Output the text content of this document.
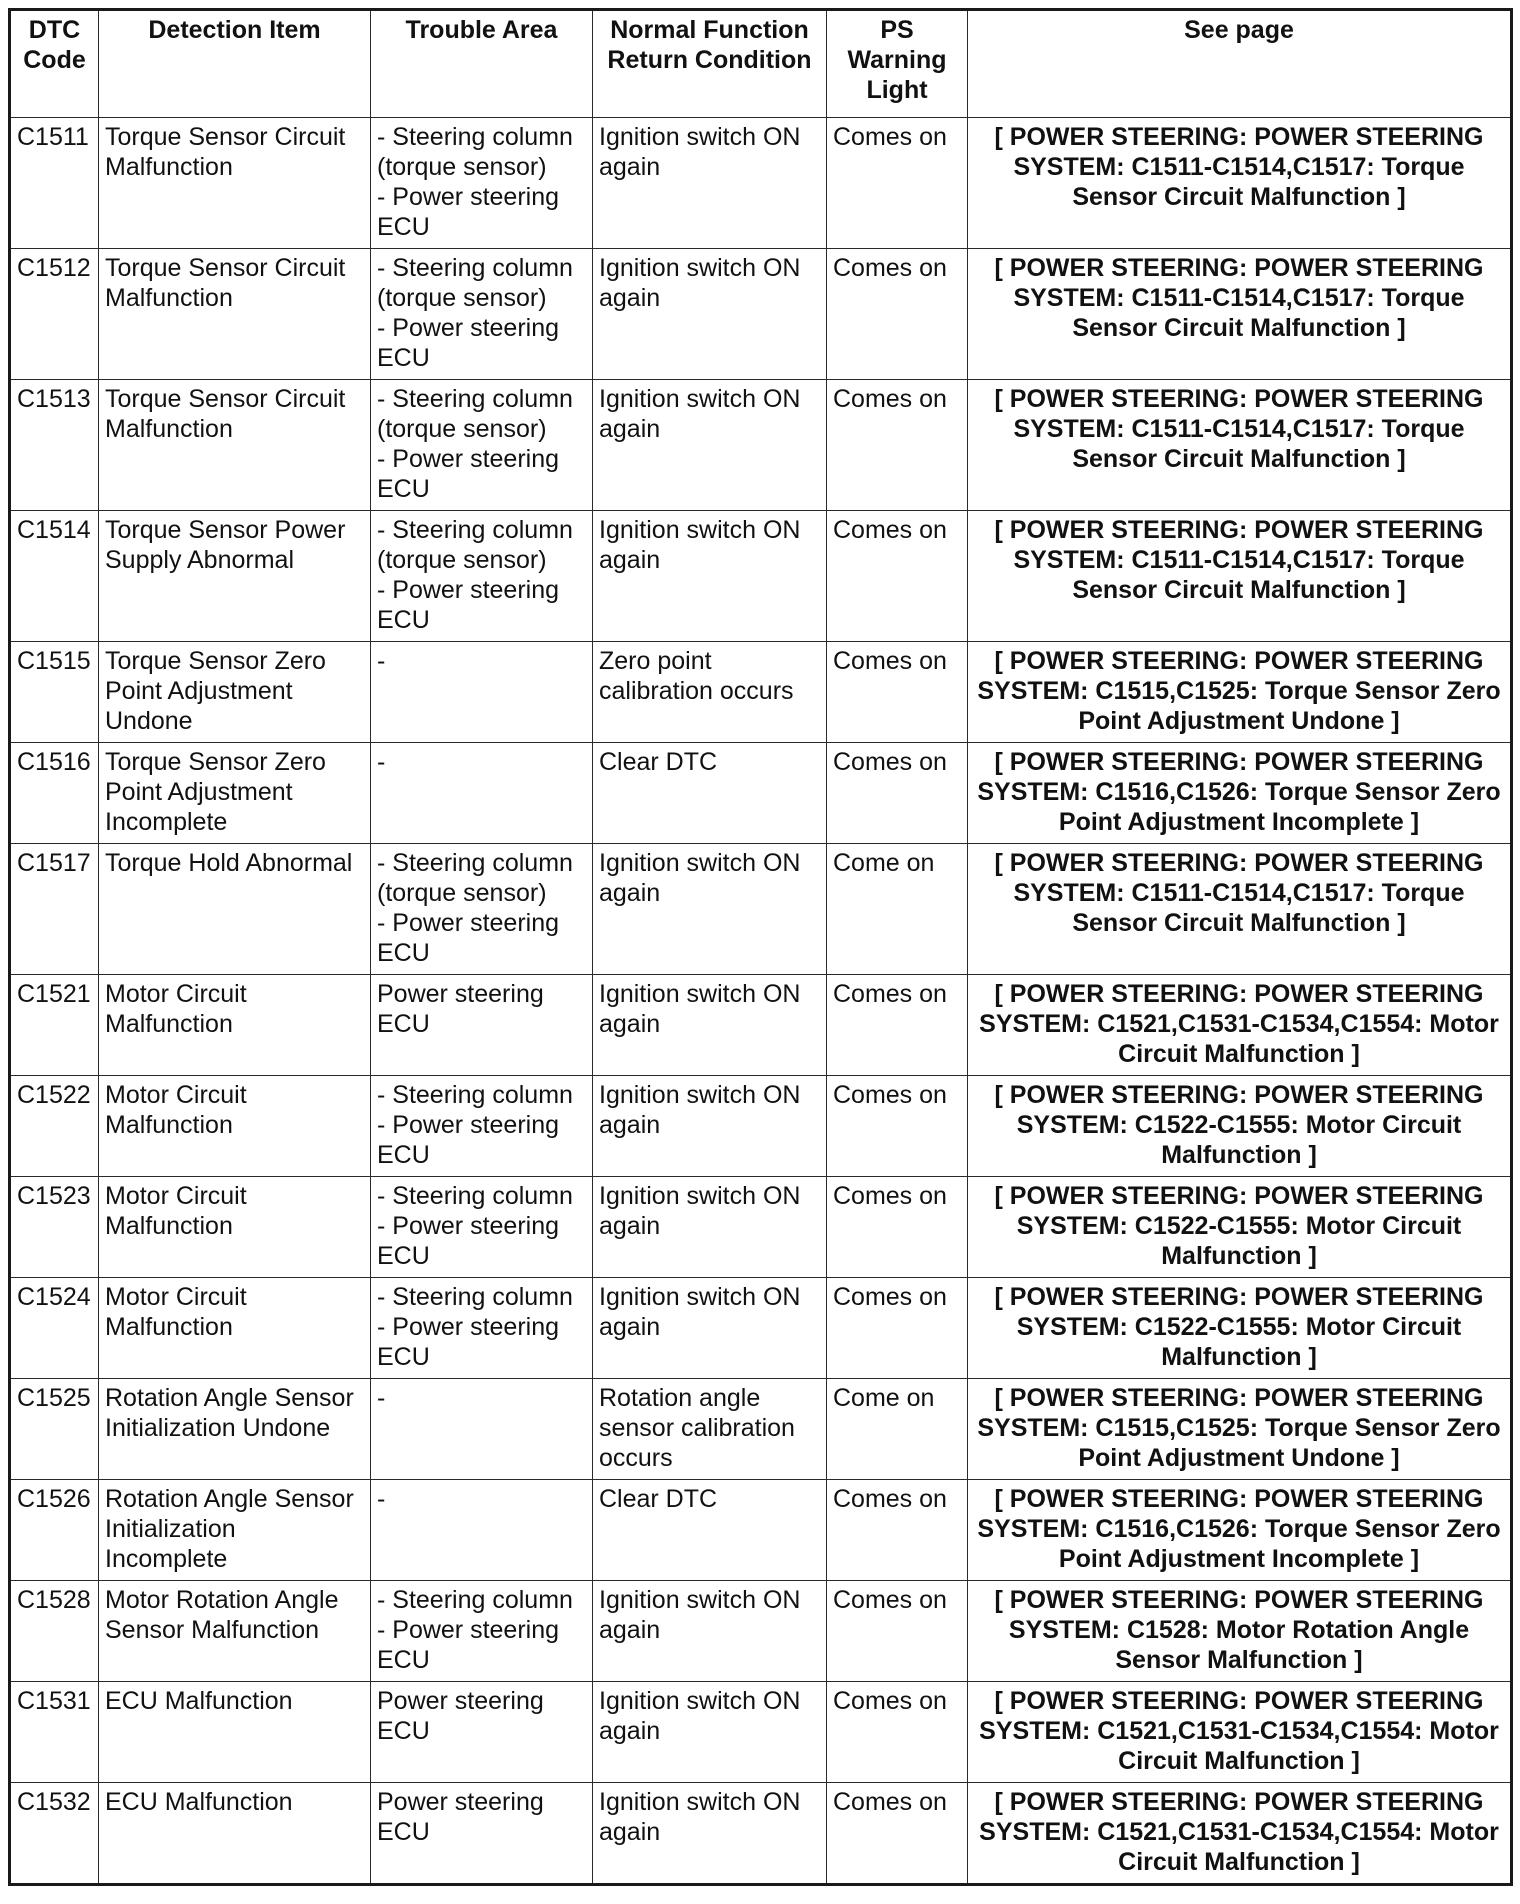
DTC
Code	Detection Item	Trouble Area	Normal Function
Return Condition	PS
Warning
Light	See page
C1511	Torque Sensor Circuit Malfunction	- Steering column
(torque sensor)
- Power steering
ECU	Ignition switch ON
again	Comes on	[ POWER STEERING: POWER STEERING SYSTEM: C1511-C1514,C1517: Torque Sensor Circuit Malfunction ]
C1512	Torque Sensor Circuit Malfunction	- Steering column
(torque sensor)
- Power steering
ECU	Ignition switch ON
again	Comes on	[ POWER STEERING: POWER STEERING SYSTEM: C1511-C1514,C1517: Torque Sensor Circuit Malfunction ]
C1513	Torque Sensor Circuit Malfunction	- Steering column
(torque sensor)
- Power steering
ECU	Ignition switch ON
again	Comes on	[ POWER STEERING: POWER STEERING SYSTEM: C1511-C1514,C1517: Torque Sensor Circuit Malfunction ]
C1514	Torque Sensor Power Supply Abnormal	- Steering column
(torque sensor)
- Power steering
ECU	Ignition switch ON
again	Comes on	[ POWER STEERING: POWER STEERING SYSTEM: C1511-C1514,C1517: Torque Sensor Circuit Malfunction ]
C1515	Torque Sensor Zero Point Adjustment Undone	-	Zero point
calibration occurs	Comes on	[ POWER STEERING: POWER STEERING SYSTEM: C1515,C1525: Torque Sensor Zero Point Adjustment Undone ]
C1516	Torque Sensor Zero Point Adjustment Incomplete	-	Clear DTC	Comes on	[ POWER STEERING: POWER STEERING SYSTEM: C1516,C1526: Torque Sensor Zero Point Adjustment Incomplete ]
C1517	Torque Hold Abnormal	- Steering column
(torque sensor)
- Power steering
ECU	Ignition switch ON
again	Come on	[ POWER STEERING: POWER STEERING SYSTEM: C1511-C1514,C1517: Torque Sensor Circuit Malfunction ]
C1521	Motor Circuit Malfunction	Power steering
ECU	Ignition switch ON
again	Comes on	[ POWER STEERING: POWER STEERING SYSTEM: C1521,C1531-C1534,C1554: Motor Circuit Malfunction ]
C1522	Motor Circuit Malfunction	- Steering column
- Power steering
ECU	Ignition switch ON
again	Comes on	[ POWER STEERING: POWER STEERING SYSTEM: C1522-C1555: Motor Circuit Malfunction ]
C1523	Motor Circuit Malfunction	- Steering column
- Power steering
ECU	Ignition switch ON
again	Comes on	[ POWER STEERING: POWER STEERING SYSTEM: C1522-C1555: Motor Circuit Malfunction ]
C1524	Motor Circuit Malfunction	- Steering column
- Power steering
ECU	Ignition switch ON
again	Comes on	[ POWER STEERING: POWER STEERING SYSTEM: C1522-C1555: Motor Circuit Malfunction ]
C1525	Rotation Angle Sensor Initialization Undone	-	Rotation angle
sensor calibration
occurs	Come on	[ POWER STEERING: POWER STEERING SYSTEM: C1515,C1525: Torque Sensor Zero Point Adjustment Undone ]
C1526	Rotation Angle Sensor Initialization Incomplete	-	Clear DTC	Comes on	[ POWER STEERING: POWER STEERING SYSTEM: C1516,C1526: Torque Sensor Zero Point Adjustment Incomplete ]
C1528	Motor Rotation Angle Sensor Malfunction	- Steering column
- Power steering
ECU	Ignition switch ON
again	Comes on	[ POWER STEERING: POWER STEERING SYSTEM: C1528: Motor Rotation Angle Sensor Malfunction ]
C1531	ECU Malfunction	Power steering
ECU	Ignition switch ON
again	Comes on	[ POWER STEERING: POWER STEERING SYSTEM: C1521,C1531-C1534,C1554: Motor Circuit Malfunction ]
C1532	ECU Malfunction	Power steering
ECU	Ignition switch ON
again	Comes on	[ POWER STEERING: POWER STEERING SYSTEM: C1521,C1531-C1534,C1554: Motor Circuit Malfunction ]
